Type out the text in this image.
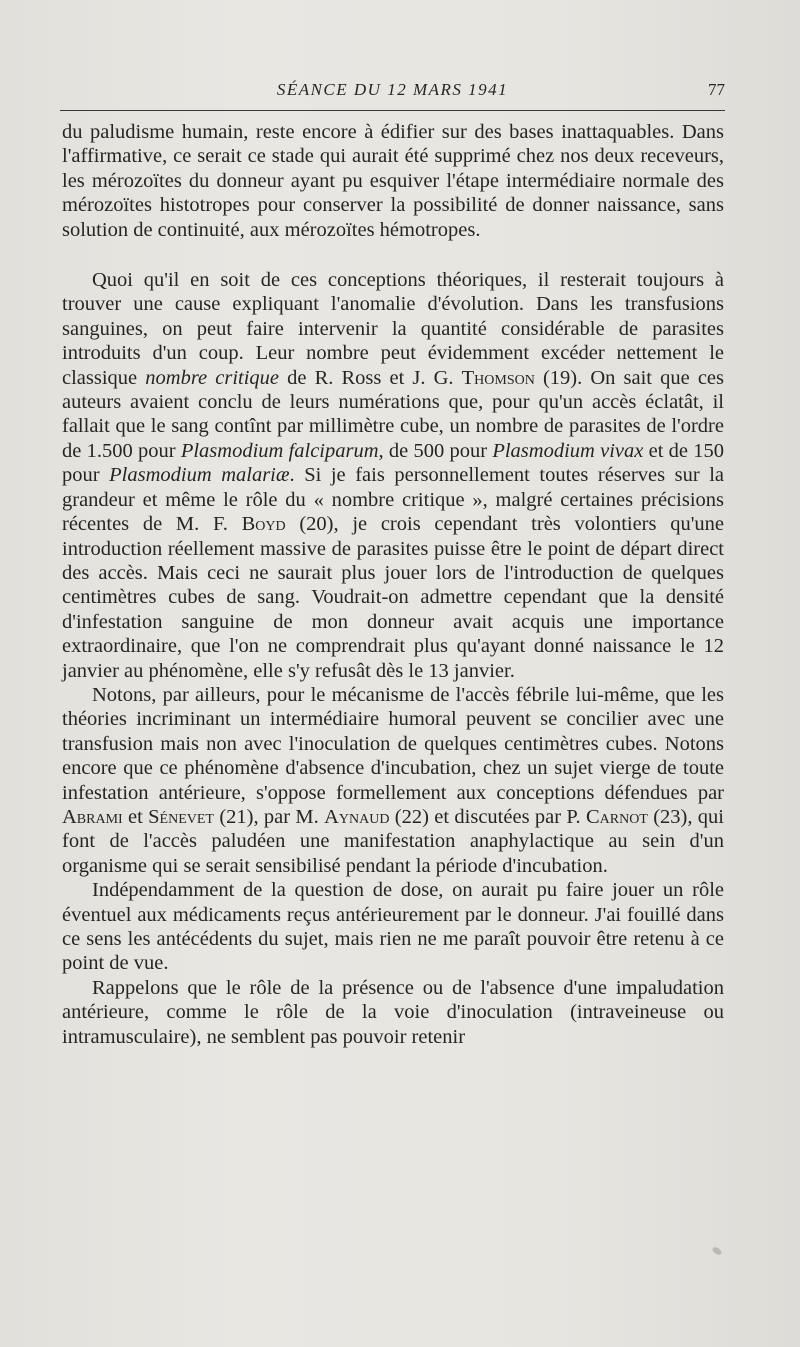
SÉANCE DU 12 MARS 1941	77

du paludisme humain, reste encore à édifier sur des bases inattaquables. Dans l'affirmative, ce serait ce stade qui aurait été supprimé chez nos deux receveurs, les mérozoïtes du donneur ayant pu esquiver l'étape intermédiaire normale des mérozoïtes histotropes pour conserver la possibilité de donner naissance, sans solution de continuité, aux mérozoïtes hémotropes.

Quoi qu'il en soit de ces conceptions théoriques, il resterait toujours à trouver une cause expliquant l'anomalie d'évolution. Dans les transfusions sanguines, on peut faire intervenir la quantité considérable de parasites introduits d'un coup. Leur nombre peut évidemment excéder nettement le classique nombre critique de R. Ross et J. G. Thomson (19). On sait que ces auteurs avaient conclu de leurs numérations que, pour qu'un accès éclatât, il fallait que le sang contînt par millimètre cube, un nombre de parasites de l'ordre de 1.500 pour Plasmodium falciparum, de 500 pour Plasmodium vivax et de 150 pour Plasmodium malariæ. Si je fais personnellement toutes réserves sur la grandeur et même le rôle du « nombre critique », malgré certaines précisions récentes de M. F. Boyd (20), je crois cependant très volontiers qu'une introduction réellement massive de parasites puisse être le point de départ direct des accès. Mais ceci ne saurait plus jouer lors de l'introduction de quelques centimètres cubes de sang. Voudrait-on admettre cependant que la densité d'infestation sanguine de mon donneur avait acquis une importance extraordinaire, que l'on ne comprendrait plus qu'ayant donné naissance le 12 janvier au phénomène, elle s'y refusât dès le 13 janvier.

Notons, par ailleurs, pour le mécanisme de l'accès fébrile lui-même, que les théories incriminant un intermédiaire humoral peuvent se concilier avec une transfusion mais non avec l'inoculation de quelques centimètres cubes. Notons encore que ce phénomène d'absence d'incubation, chez un sujet vierge de toute infestation antérieure, s'oppose formellement aux conceptions défendues par Abrami et Sénevet (21), par M. Aynaud (22) et discutées par P. Carnot (23), qui font de l'accès paludéen une manifestation anaphylactique au sein d'un organisme qui se serait sensibilisé pendant la période d'incubation.

Indépendamment de la question de dose, on aurait pu faire jouer un rôle éventuel aux médicaments reçus antérieurement par le donneur. J'ai fouillé dans ce sens les antécédents du sujet, mais rien ne me paraît pouvoir être retenu à ce point de vue.

Rappelons que le rôle de la présence ou de l'absence d'une impaludation antérieure, comme le rôle de la voie d'inoculation (intraveineuse ou intramusculaire), ne semblent pas pouvoir retenir
